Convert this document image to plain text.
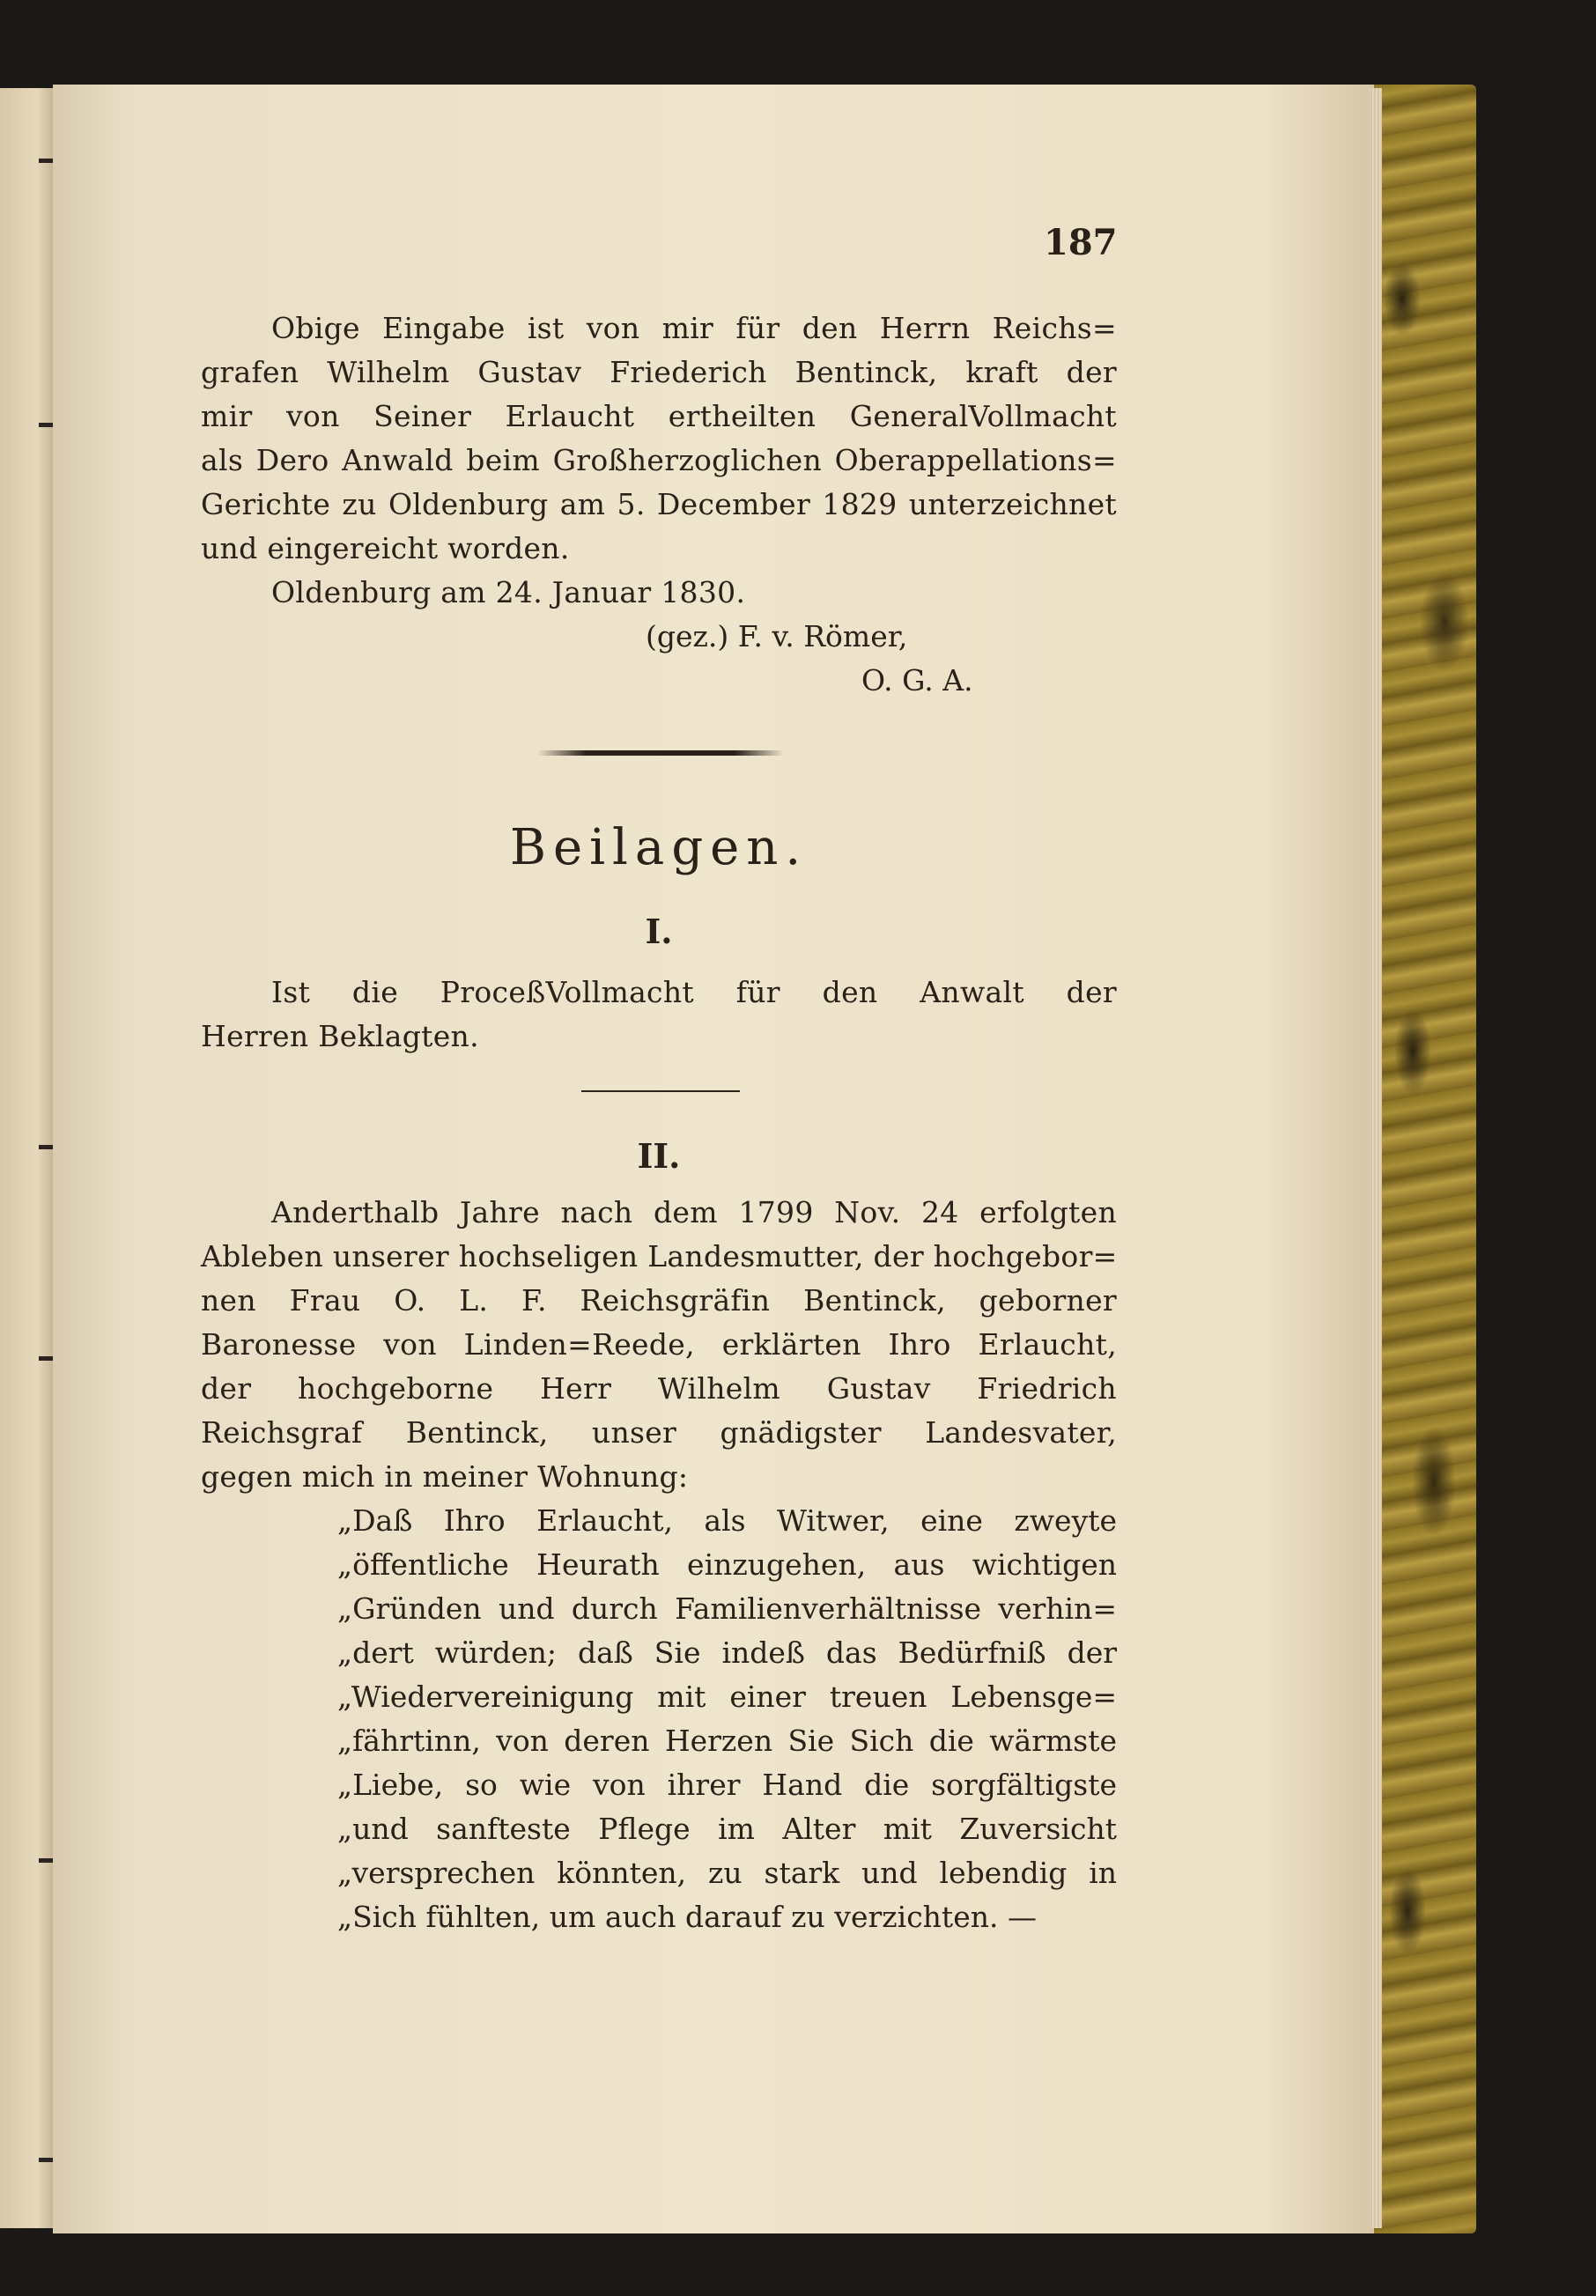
187
Obige Eingabe ist von mir für den Herrn Reichs=
grafen Wilhelm Gustav Friederich Bentinck, kraft der
mir von Seiner Erlaucht ertheilten GeneralVollmacht
als Dero Anwald beim Großherzoglichen Oberappellations=
Gerichte zu Oldenburg am 5. December 1829 unterzeichnet
und eingereicht worden.
Oldenburg am 24. Januar 1830.
(gez.) F. v. Römer,
O. G. A.
Beilagen.
I.
Ist die ProceßVollmacht für den Anwalt der
Herren Beklagten.
II.
Anderthalb Jahre nach dem 1799 Nov. 24 erfolgten
Ableben unserer hochseligen Landesmutter, der hochgebor=
nen Frau O. L. F. Reichsgräfin Bentinck, geborner
Baronesse von Linden=Reede, erklärten Ihro Erlaucht,
der hochgeborne Herr Wilhelm Gustav Friedrich
Reichsgraf Bentinck, unser gnädigster Landesvater,
gegen mich in meiner Wohnung:
„Daß Ihro Erlaucht, als Witwer, eine zweyte
„öffentliche Heurath einzugehen, aus wichtigen
„Gründen und durch Familienverhältnisse verhin=
„dert würden; daß Sie indeß das Bedürfniß der
„Wiedervereinigung mit einer treuen Lebensge=
„fährtinn, von deren Herzen Sie Sich die wärmste
„Liebe, so wie von ihrer Hand die sorgfältigste
„und sanfteste Pflege im Alter mit Zuversicht
„versprechen könnten, zu stark und lebendig in
„Sich fühlten, um auch darauf zu verzichten. —
